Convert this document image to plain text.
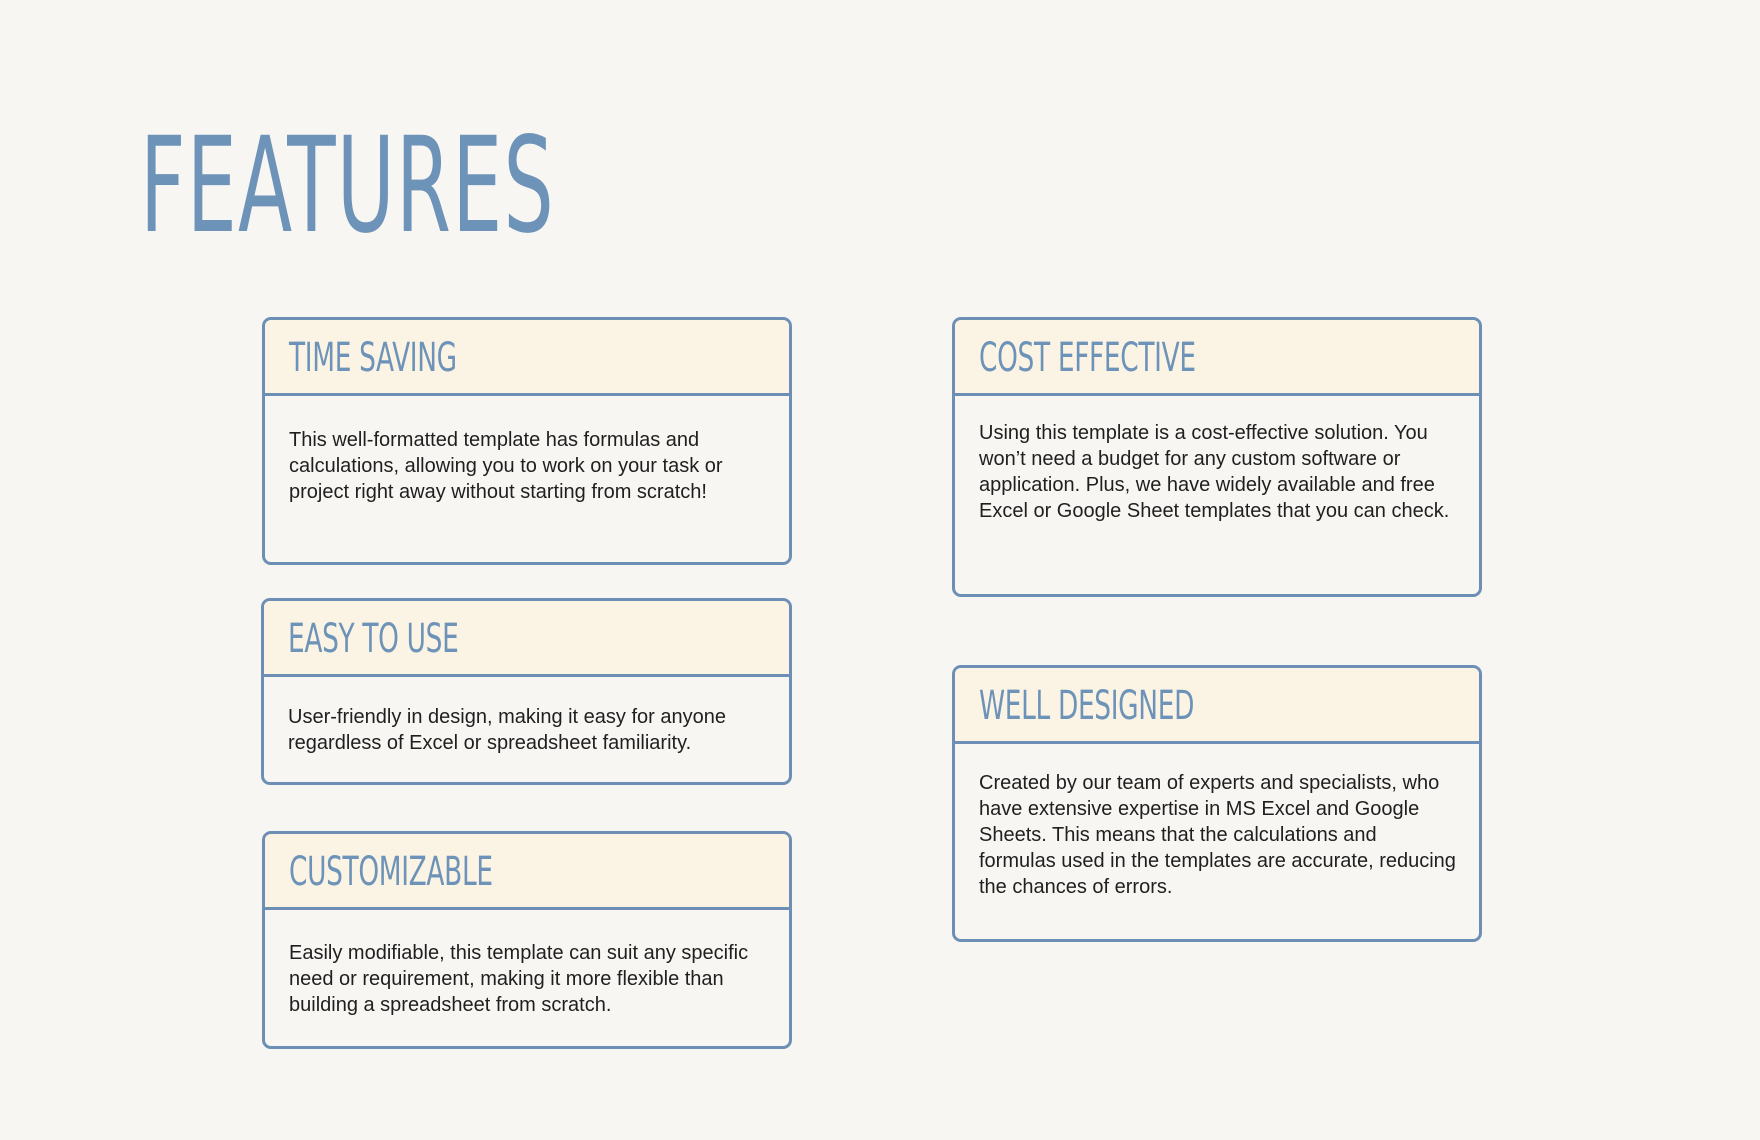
FEATURES
TIME SAVING

This well-formatted template has formulas and calculations, allowing you to work on your task or project right away without starting from scratch!

EASY TO USE

User-friendly in design, making it easy for anyone regardless of Excel or spreadsheet familiarity.

CUSTOMIZABLE

Easily modifiable, this template can suit any specific need or requirement, making it more flexible than building a spreadsheet from scratch.

COST EFFECTIVE

Using this template is a cost-effective solution. You won’t need a budget for any custom software or application. Plus, we have widely available and free Excel or Google Sheet templates that you can check.

WELL DESIGNED

Created by our team of experts and specialists, who have extensive expertise in MS Excel and Google Sheets. This means that the calculations and formulas used in the templates are accurate, reducing the chances of errors.
